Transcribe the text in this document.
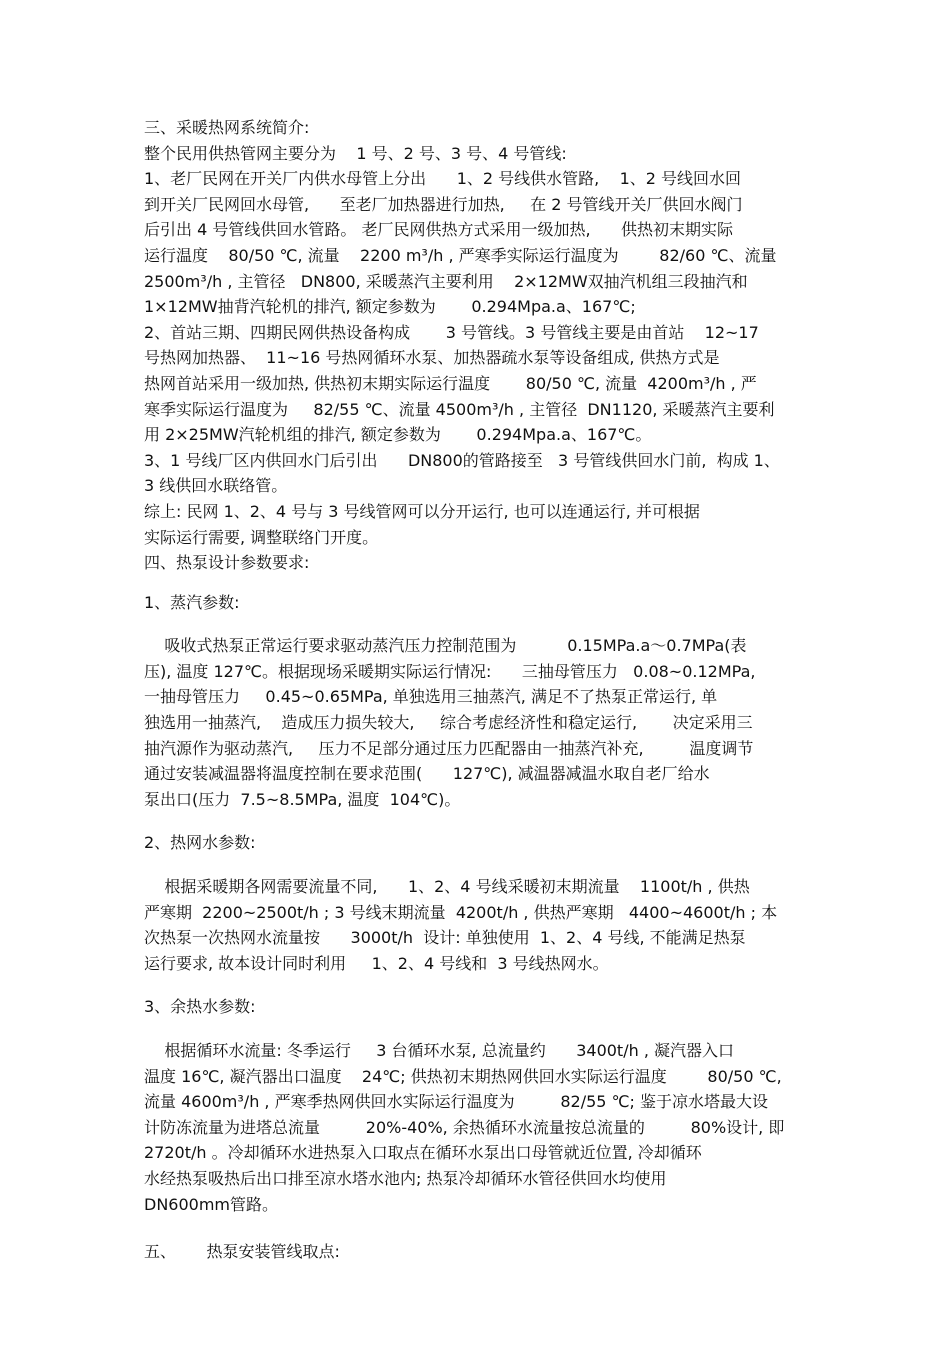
三、采暖热网系统简介:
整个民用供热管网主要分为    1 号、2 号、3 号、4 号管线:
1、老厂民网在开关厂内供水母管上分出      1、2 号线供水管路,    1、2 号线回水回
到开关厂民网回水母管,      至老厂加热器进行加热,     在 2 号管线开关厂供回水阀门
后引出 4 号管线供回水管路。 老厂民网供热方式采用一级加热,      供热初末期实际
运行温度    80/50 ℃, 流量    2200 m³/h , 严寒季实际运行温度为        82/60 ℃、流量
2500m³/h , 主管径   DN800, 采暖蒸汽主要利用    2×12MW双抽汽机组三段抽汽和
1×12MW抽背汽轮机的排汽, 额定参数为       0.294Mpa.a、167℃;
2、首站三期、四期民网供热设备构成       3 号管线。3 号管线主要是由首站    12~17
号热网加热器、  11~16 号热网循环水泵、加热器疏水泵等设备组成, 供热方式是
热网首站采用一级加热, 供热初末期实际运行温度       80/50 ℃, 流量  4200m³/h , 严
寒季实际运行温度为     82/55 ℃、流量 4500m³/h , 主管径  DN1120, 采暖蒸汽主要利
用 2×25MW汽轮机组的排汽, 额定参数为       0.294Mpa.a、167℃。
3、1 号线厂区内供回水门后引出      DN800的管路接至   3 号管线供回水门前,  构成 1、
3 线供回水联络管。
综上: 民网 1、2、4 号与 3 号线管网可以分开运行, 也可以连通运行, 并可根据
实际运行需要, 调整联络门开度。
四、热泵设计参数要求:
1、蒸汽参数:
吸收式热泵正常运行要求驱动蒸汽压力控制范围为          0.15MPa.a～0.7MPa(表
压), 温度 127℃。根据现场采暖期实际运行情况:      三抽母管压力   0.08~0.12MPa,
一抽母管压力     0.45~0.65MPa, 单独选用三抽蒸汽, 满足不了热泵正常运行, 单
独选用一抽蒸汽,    造成压力损失较大,     综合考虑经济性和稳定运行,       决定采用三
抽汽源作为驱动蒸汽,     压力不足部分通过压力匹配器由一抽蒸汽补充,         温度调节
通过安装减温器将温度控制在要求范围(      127℃), 减温器减温水取自老厂给水
泵出口(压力  7.5~8.5MPa, 温度  104℃)。
2、热网水参数:
根据采暖期各网需要流量不同,      1、2、4 号线采暖初末期流量    1100t/h , 供热
严寒期  2200~2500t/h ; 3 号线末期流量  4200t/h , 供热严寒期   4400~4600t/h ; 本
次热泵一次热网水流量按      3000t/h  设计: 单独使用  1、2、4 号线, 不能满足热泵
运行要求, 故本设计同时利用     1、2、4 号线和  3 号线热网水。
3、余热水参数:
根据循环水流量: 冬季运行     3 台循环水泵, 总流量约      3400t/h , 凝汽器入口
温度 16℃, 凝汽器出口温度    24℃; 供热初末期热网供回水实际运行温度        80/50 ℃,
流量 4600m³/h , 严寒季热网供回水实际运行温度为         82/55 ℃; 鉴于凉水塔最大设
计防冻流量为进塔总流量         20%-40%, 余热循环水流量按总流量的         80%设计, 即
2720t/h 。冷却循环水进热泵入口取点在循环水泵出口母管就近位置, 冷却循环
水经热泵吸热后出口排至凉水塔水池内; 热泵冷却循环水管径供回水均使用
DN600mm管路。
五、      热泵安装管线取点:
